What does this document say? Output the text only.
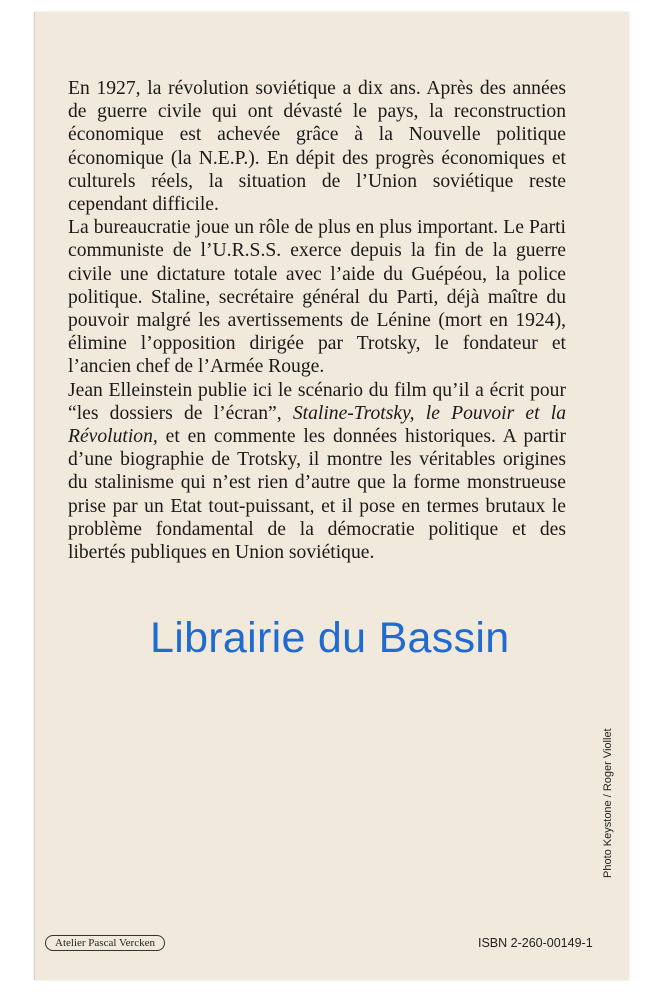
En 1927, la révolution soviétique a dix ans. Après des années de guerre civile qui ont dévasté le pays, la reconstruction économique est achevée grâce à la Nouvelle politique économique (la N.E.P.). En dépit des progrès économiques et culturels réels, la situation de l’Union soviétique reste cependant difficile.

La bureaucratie joue un rôle de plus en plus important. Le Parti communiste de l’U.R.S.S. exerce depuis la fin de la guerre civile une dictature totale avec l’aide du Guépéou, la police politique. Staline, secrétaire général du Parti, déjà maître du pouvoir malgré les avertissements de Lénine (mort en 1924), élimine l’opposition dirigée par Trotsky, le fondateur et l’ancien chef de l’Armée Rouge.

Jean Elleinstein publie ici le scénario du film qu’il a écrit pour “les dossiers de l’écran”, Staline-Trotsky, le Pouvoir et la Révolution, et en commente les données historiques. A partir d’une biographie de Trotsky, il montre les véritables origines du stalinisme qui n’est rien d’autre que la forme monstrueuse prise par un Etat tout-puissant, et il pose en termes brutaux le problème fondamental de la démocratie politique et des libertés publiques en Union soviétique.

Librairie du Bassin
Photo Keystone / Roger Viollet
Atelier Pascal Vercken	ISBN 2-260-00149-1
